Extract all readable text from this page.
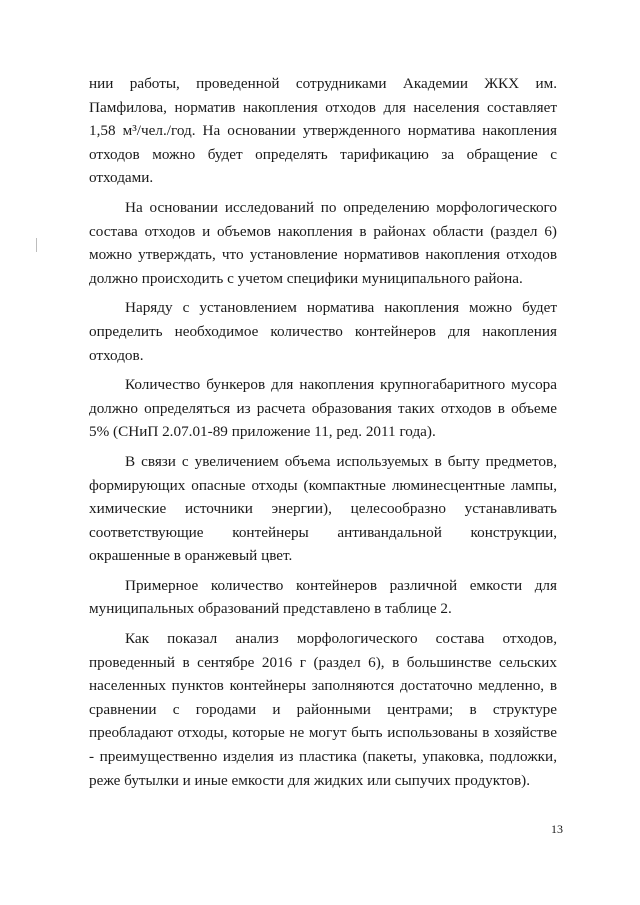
нии работы, проведенной сотрудниками Академии ЖКХ им. Памфилова, норматив накопления отходов для населения составляет 1,58 м³/чел./год. На основании утвержденного норматива накопления отходов можно будет определять тарификацию за обращение с отходами.

На основании исследований по определению морфологического состава отходов и объемов накопления в районах области (раздел 6) можно утверждать, что установление нормативов накопления отходов должно происходить с учетом специфики муниципального района.

Наряду с установлением норматива накопления можно будет определить необходимое количество контейнеров для накопления отходов.

Количество бункеров для накопления крупногабаритного мусора должно определяться из расчета образования таких отходов в объеме 5% (СНиП 2.07.01-89 приложение 11, ред. 2011 года).

В связи с увеличением объема используемых в быту предметов, формирующих опасные отходы (компактные люминесцентные лампы, химические источники энергии), целесообразно устанавливать соответствующие контейнеры антивандальной конструкции, окрашенные в оранжевый цвет.

Примерное количество контейнеров различной емкости для муниципальных образований представлено в таблице 2.

Как показал анализ морфологического состава отходов, проведенный в сентябре 2016 г (раздел 6), в большинстве сельских населенных пунктов контейнеры заполняются достаточно медленно, в сравнении с городами и районными центрами; в структуре преобладают отходы, которые не могут быть использованы в хозяйстве - преимущественно изделия из пластика (пакеты, упаковка, подложки, реже бутылки и иные емкости для жидких или сыпучих продуктов).

13
